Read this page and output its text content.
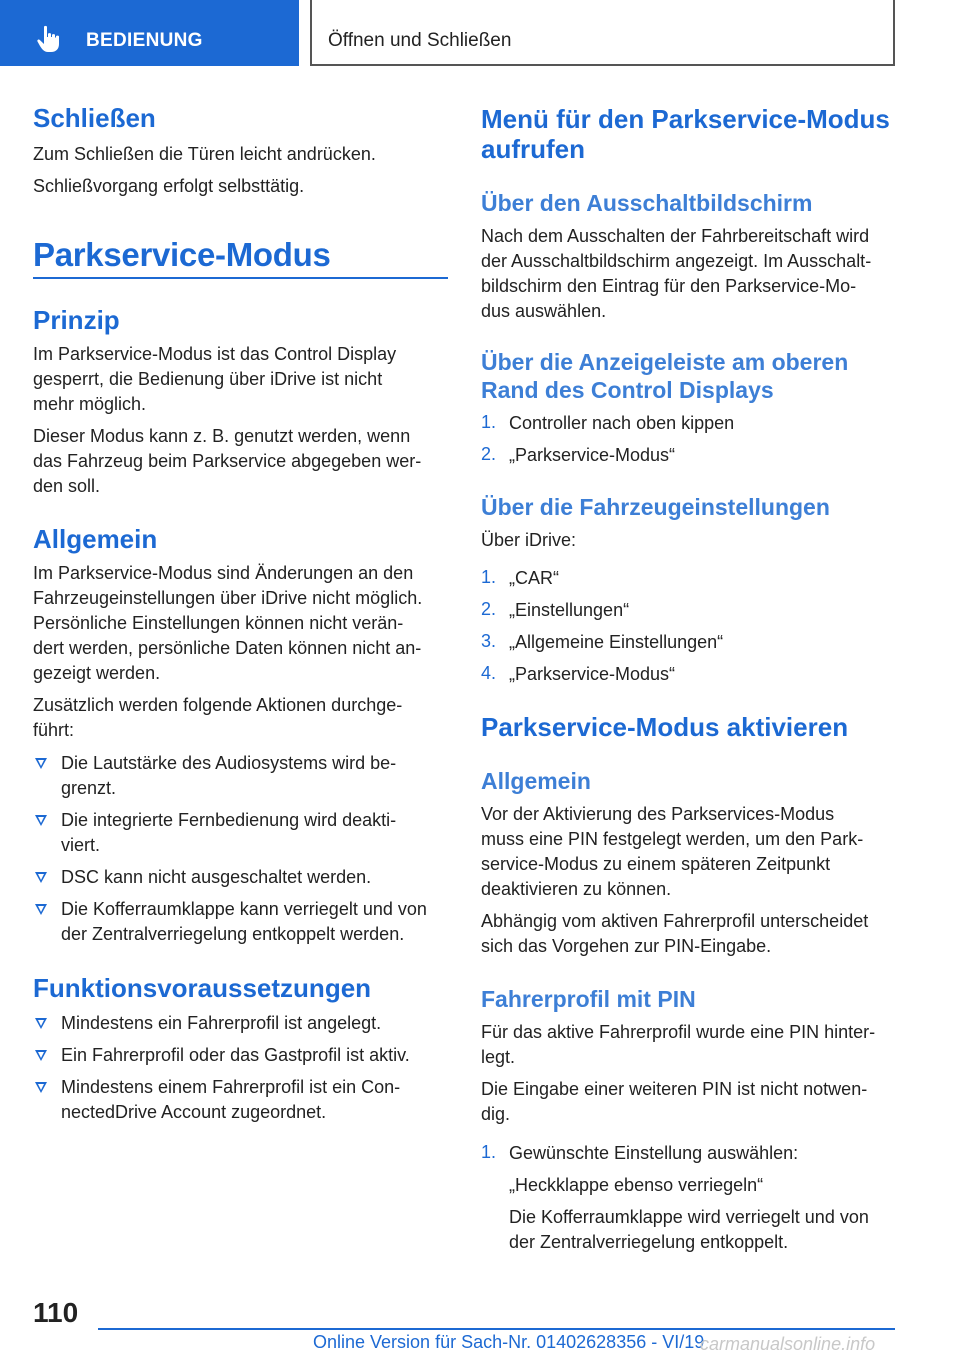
BEDIENUNG	Öffnen und Schließen
Schließen
Zum Schließen die Türen leicht andrücken.
Schließvorgang erfolgt selbsttätig.
Parkservice-Modus
Prinzip
Im Parkservice-Modus ist das Control Display
gesperrt, die Bedienung über iDrive ist nicht
mehr möglich.
Dieser Modus kann z. B. genutzt werden, wenn
das Fahrzeug beim Parkservice abgegeben wer-
den soll.
Allgemein
Im Parkservice-Modus sind Änderungen an den
Fahrzeugeinstellungen über iDrive nicht möglich.
Persönliche Einstellungen können nicht verän-
dert werden, persönliche Daten können nicht an-
gezeigt werden.
Zusätzlich werden folgende Aktionen durchge-
führt:
Die Lautstärke des Audiosystems wird be-
grenzt.
Die integrierte Fernbedienung wird deakti-
viert.
DSC kann nicht ausgeschaltet werden.
Die Kofferraumklappe kann verriegelt und von
der Zentralverriegelung entkoppelt werden.
Funktionsvoraussetzungen
Mindestens ein Fahrerprofil ist angelegt.
Ein Fahrerprofil oder das Gastprofil ist aktiv.
Mindestens einem Fahrerprofil ist ein Con-
nectedDrive Account zugeordnet.
Menü für den Parkservice-Modus
aufrufen
Über den Ausschaltbildschirm
Nach dem Ausschalten der Fahrbereitschaft wird
der Ausschaltbildschirm angezeigt. Im Ausschalt-
bildschirm den Eintrag für den Parkservice-Mo-
dus auswählen.
Über die Anzeigeleiste am oberen
Rand des Control Displays
1. Controller nach oben kippen
2. „Parkservice-Modus“
Über die Fahrzeugeinstellungen
Über iDrive:
1. „CAR“
2. „Einstellungen“
3. „Allgemeine Einstellungen“
4. „Parkservice-Modus“
Parkservice-Modus aktivieren
Allgemein
Vor der Aktivierung des Parkservices-Modus
muss eine PIN festgelegt werden, um den Park-
service-Modus zu einem späteren Zeitpunkt
deaktivieren zu können.
Abhängig vom aktiven Fahrerprofil unterscheidet
sich das Vorgehen zur PIN-Eingabe.
Fahrerprofil mit PIN
Für das aktive Fahrerprofil wurde eine PIN hinter-
legt.
Die Eingabe einer weiteren PIN ist nicht notwen-
dig.
1. Gewünschte Einstellung auswählen:
„Heckklappe ebenso verriegeln“
Die Kofferraumklappe wird verriegelt und von
der Zentralverriegelung entkoppelt.
110
Online Version für Sach-Nr. 01402628356 - VI/19
carmanualsonline.info
